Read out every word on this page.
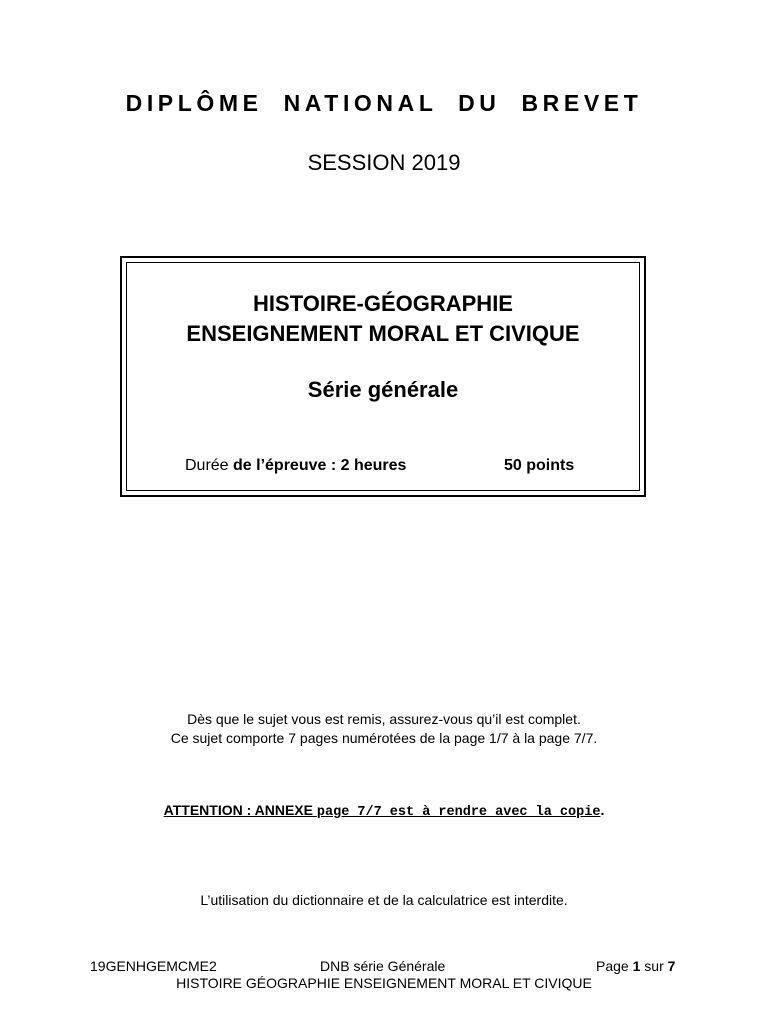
DIPLÔME NATIONAL DU BREVET
SESSION 2019
HISTOIRE-GÉOGRAPHIE
ENSEIGNEMENT MORAL ET CIVIQUE
Série générale
Durée de l’épreuve : 2 heures	50 points
Dès que le sujet vous est remis, assurez-vous qu’il est complet.
Ce sujet comporte 7 pages numérotées de la page 1/7 à la page 7/7.
ATTENTION : ANNEXE page 7/7 est à rendre avec la copie.
L’utilisation du dictionnaire et de la calculatrice est interdite.
19GENHGEMCME2	DNB série Générale	Page 1 sur 7
HISTOIRE GÉOGRAPHIE ENSEIGNEMENT MORAL ET CIVIQUE
